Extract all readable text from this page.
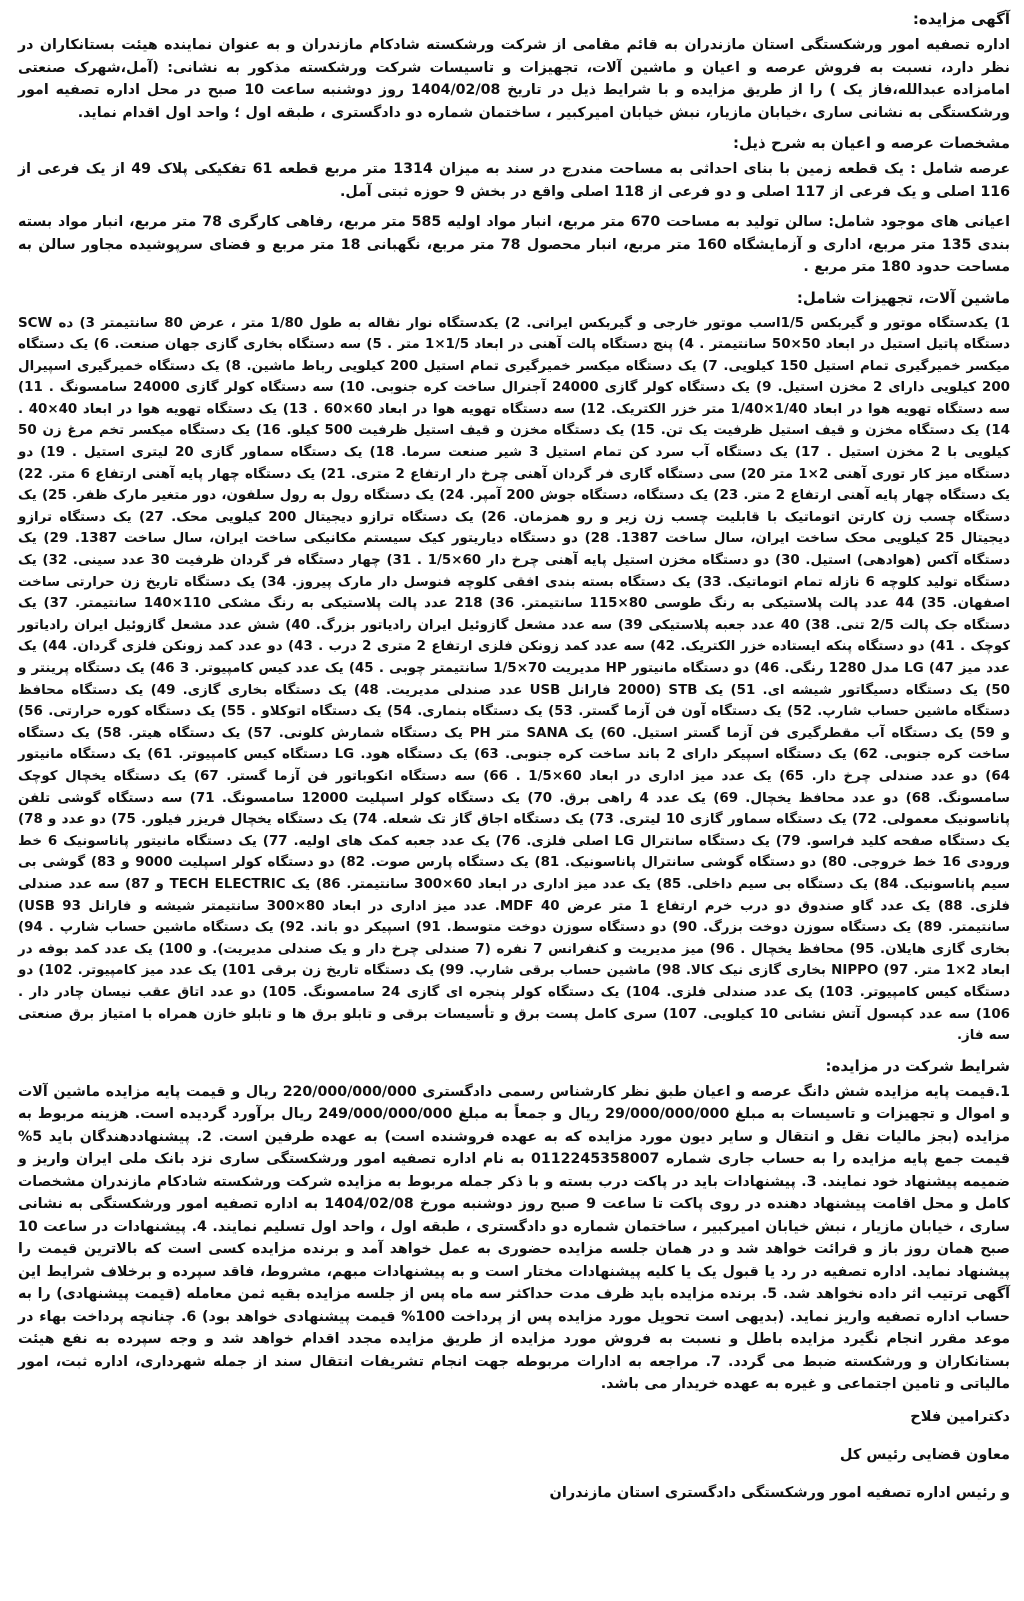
آگهی مزایده:

اداره تصفیه امور ورشکستگی استان مازندران به قائم مقامی از شرکت ورشکسته شادکام مازندران و به عنوان نماینده هیئت بستانکاران در نظر دارد، نسبت به فروش عرصه و اعیان و ماشین آلات، تجهیزات و تاسیسات شرکت ورشکسته مذکور به نشانی: (آمل،شهرک صنعتی امامزاده عبدالله،فاز یک ) را از طریق مزایده و با شرایط ذیل در تاریخ 1404/02/08 روز دوشنبه ساعت 10 صبح در محل اداره تصفیه امور ورشکستگی به نشانی ساری ،خیابان مازیار، نبش خیابان امیرکبیر ، ساختمان شماره دو دادگستری ، طبقه اول ؛ واحد اول اقدام نماید.

مشخصات عرصه و اعیان به شرح ذیل:

عرصه شامل : یک قطعه زمین با بنای احداثی به مساحت مندرج در سند به میزان 1314 متر مربع قطعه 61 تفکیکی پلاک 49 از یک فرعی از 116 اصلی و یک فرعی از 117 اصلی و دو فرعی از 118 اصلی واقع در بخش 9 حوزه ثبتی آمل.

اعیانی های موجود شامل: سالن تولید به مساحت 670 متر مربع، انبار مواد اولیه 585 متر مربع، رفاهی کارگری 78 متر مربع، انبار مواد بسته بندی 135 متر مربع، اداری و آزمایشگاه 160 متر مربع، انبار محصول 78 متر مربع، نگهبانی 18 متر مربع و فضای سرپوشیده مجاور سالن به مساحت حدود 180 متر مربع .

ماشین آلات، تجهیزات شامل:

1) یکدستگاه موتور و گیربکس 1/5اسب موتور خارجی و گیربکس ایرانی. 2) یکدستگاه نوار نقاله به طول 1/80 متر ، عرض 80 سانتیمتر 3) ده SCW دستگاه پاتیل استیل در ابعاد 50×50 سانتیمتر . 4) پنج دستگاه پالت آهنی در ابعاد 1/5×1 متر . 5) سه دستگاه بخاری گازی جهان صنعت. 6) یک دستگاه میکسر خمیرگیری تمام استیل 150 کیلویی. 7) یک دستگاه میکسر خمیرگیری تمام استیل 200 کیلویی رباط ماشین. 8) یک دستگاه خمیرگیری اسپیرال 200 کیلویی دارای 2 مخزن استیل. 9) یک دستگاه کولر گازی 24000 آجنرال ساخت کره جنوبی. 10) سه دستگاه کولر گازی 24000 سامسونگ . 11) سه دستگاه تهویه هوا در ابعاد 1/40×1/40 متر خزر الکتریک. 12) سه دستگاه تهویه هوا در ابعاد 60×60 . 13) یک دستگاه تهویه هوا در ابعاد 40×40 . 14) یک دستگاه مخزن و قیف استیل ظرفیت یک تن. 15) یک دستگاه مخزن و قیف استیل ظرفیت 500 کیلو. 16) یک دستگاه میکسر تخم مرغ زن 50 کیلویی با 2 مخزن استیل . 17) یک دستگاه آب سرد کن تمام استیل 3 شیر صنعت سرما. 18) یک دستگاه سماور گازی 20 لیتری استیل . 19) دو دستگاه میز کار توری آهنی 2×1 متر 20) سی دستگاه گاری فر گردان آهنی چرخ دار ارتفاع 2 متری. 21) یک دستگاه چهار پایه آهنی ارتفاع 6 متر. 22) یک دستگاه چهار پایه آهنی ارتفاع 2 متر. 23) یک دستگاه، دستگاه جوش 200 آمپر. 24) یک دستگاه رول به رول سلفون، دور متغیر مارک ظفر. 25) یک دستگاه چسب زن کارتن اتوماتیک با قابلیت چسب زن زیر و رو همزمان. 26) یک دستگاه ترازو دیجیتال 200 کیلویی محک. 27) یک دستگاه ترازو دیجیتال 25 کیلویی محک ساخت ایران، سال ساخت 1387. 28) دو دستگاه دیاریتور کیک سیستم مکانیکی ساخت ایران، سال ساخت 1387. 29) یک دستگاه آکس (هوادهی) استیل. 30) دو دستگاه مخزن استیل پایه آهنی چرخ دار 60×1/5 . 31) چهار دستگاه فر گردان ظرفیت 30 عدد سینی. 32) یک دستگاه تولید کلوچه 6 نازله تمام اتوماتیک. 33) یک دستگاه بسته بندی افقی کلوچه فنوسل دار مارک پیروز. 34) یک دستگاه تاریخ زن حرارتی ساخت اصفهان. 35) 44 عدد پالت پلاستیکی به رنگ طوسی 80×115 سانتیمتر. 36) 218 عدد پالت پلاستیکی به رنگ مشکی 110×140 سانتیمتر. 37) یک دستگاه جک پالت 2/5 تنی. 38) 40 عدد جعبه پلاستیکی 39) سه عدد مشعل گازوئیل ایران رادیاتور بزرگ. 40) شش عدد مشعل گازوئیل ایران رادیاتور کوچک . 41) دو دستگاه پنکه ایستاده خزر الکتریک. 42) سه عدد کمد زونکن فلزی ارتفاع 2 متری 2 درب . 43) دو عدد کمد زونکن فلزی گردان. 44) یک عدد میز 47) LG مدل 1280 رنگی. 46) دو دستگاه مانیتور HP مدیریت 70×1/5 سانتیمتر چوبی . 45) یک عدد کیس کامپیوتر. 3 46) یک دستگاه پرینتر و 50) یک دستگاه دسیگاتور شیشه ای. 51) یک STB (2000 فارانل USB عدد صندلی مدیریت. 48) یک دستگاه بخاری گازی. 49) یک دستگاه محافظ دستگاه ماشین حساب شارپ. 52) یک دستگاه آون فن آزما گستر. 53) یک دستگاه بنماری. 54) یک دستگاه اتوکلاو . 55) یک دستگاه کوره حرارتی. 56) و 59) یک دستگاه آب مقطرگیری فن آزما گستر استیل. 60) یک SANA متر PH یک دستگاه شمارش کلونی. 57) یک دستگاه هیتر. 58) یک دستگاه ساخت کره جنوبی. 62) یک دستگاه اسپیکر دارای 2 باند ساخت کره جنوبی. 63) یک دستگاه هود. LG دستگاه کیس کامپیوتر. 61) یک دستگاه مانیتور 64) دو عدد صندلی چرخ دار. 65) یک عدد میز اداری در ابعاد 60×1/5 . 66) سه دستگاه انکوباتور فن آزما گستر. 67) یک دستگاه یخچال کوچک سامسونگ. 68) دو عدد محافظ یخچال. 69) یک عدد 4 راهی برق. 70) یک دستگاه کولر اسپلیت 12000 سامسونگ. 71) سه دستگاه گوشی تلفن پاناسونیک معمولی. 72) یک دستگاه سماور گازی 10 لیتری. 73) یک دستگاه اجاق گاز تک شعله. 74) یک دستگاه یخچال فریزر فیلور. 75) دو عدد و 78) یک دستگاه صفحه کلید فراسو. 79) یک دستگاه سانترال LG اصلی فلزی. 76) یک عدد جعبه کمک های اولیه. 77) یک دستگاه مانیتور پاناسونیک 6 خط ورودی 16 خط خروجی. 80) دو دستگاه گوشی سانترال پاناسونیک. 81) یک دستگاه پارس صوت. 82) دو دستگاه کولر اسپلیت 9000 و 83) گوشی بی سیم پاناسونیک. 84) یک دستگاه بی سیم داخلی. 85) یک عدد میز اداری در ابعاد 60×300 سانتیمتر. 86) یک TECH ELECTRIC و 87) سه عدد صندلی فلزی. 88) یک عدد گاو صندوق دو درب خرم ارتفاع 1 متر عرض 40 MDF. عدد میز اداری در ابعاد 80×300 سانتیمتر شیشه و فارانل USB 93) سانتیمتر. 89) یک دستگاه سوزن دوخت بزرگ. 90) دو دستگاه سوزن دوخت متوسط. 91) اسپیکر دو باند. 92) یک دستگاه ماشین حساب شارپ . 94) بخاری گازی هایلان. 95) محافظ یخچال . 96) میز مدیریت و کنفرانس 7 نفره (7 صندلی چرخ دار و یک صندلی مدیریت). و 100) یک عدد کمد بوفه در ابعاد 2×1 متر. 97) NIPPO بخاری گازی نیک کالا. 98) ماشین حساب برقی شارپ. 99) یک دستگاه تاریخ زن برقی 101) یک عدد میز کامپیوتر. 102) دو دستگاه کیس کامپیوتر. 103) یک عدد صندلی فلزی. 104) یک دستگاه کولر پنجره ای گازی 24 سامسونگ. 105) دو عدد اتاق عقب نیسان چادر دار . 106) سه عدد کپسول آتش نشانی 10 کیلویی. 107) سری کامل پست برق و تأسیسات برقی و تابلو برق ها و تابلو خازن همراه با امتیاز برق صنعتی سه فاز.

شرایط شرکت در مزایده:

1.قیمت پایه مزایده شش دانگ عرصه و اعیان طبق نظر کارشناس رسمی دادگستری 220/000/000/000 ریال و قیمت پایه مزایده ماشین آلات و اموال و تجهیزات و تاسیسات به مبلغ 29/000/000/000 ریال و جمعاً به مبلغ 249/000/000/000 ریال برآورد گردیده است. هزینه مربوط به مزایده (بجز مالیات نقل و انتقال و سایر دیون مورد مزایده که به عهده فروشنده است) به عهده طرفین است. 2. پیشنهاددهندگان باید 5% قیمت جمع پایه مزایده را به حساب جاری شماره 0112245358007 به نام اداره تصفیه امور ورشکستگی ساری نزد بانک ملی ایران واریز و ضمیمه پیشنهاد خود نمایند. 3. پیشنهادات باید در پاکت درب بسته و با ذکر جمله مربوط به مزایده شرکت ورشکسته شادکام مازندران مشخصات کامل و محل اقامت پیشنهاد دهنده در روی پاکت تا ساعت 9 صبح روز دوشنبه مورخ 1404/02/08 به اداره تصفیه امور ورشکستگی به نشانی ساری ، خیابان مازیار ، نبش خیابان امیرکبیر ، ساختمان شماره دو دادگستری ، طبقه اول ، واحد اول تسلیم نمایند. 4. پیشنهادات در ساعت 10 صبح همان روز باز و قرائت خواهد شد و در همان جلسه مزایده حضوری به عمل خواهد آمد و برنده مزایده کسی است که بالاترین قیمت را پیشنهاد نماید. اداره تصفیه در رد یا قبول یک یا کلیه پیشنهادات مختار است و به پیشنهادات مبهم، مشروط، فاقد سپرده و برخلاف شرایط این آگهی ترتیب اثر داده نخواهد شد. 5. برنده مزایده باید ظرف مدت حداکثر سه ماه پس از جلسه مزایده بقیه ثمن معامله (قیمت پیشنهادی) را به حساب اداره تصفیه واریز نماید. (بدیهی است تحویل مورد مزایده پس از پرداخت 100% قیمت پیشنهادی خواهد بود) 6. چنانچه پرداخت بهاء در موعد مقرر انجام نگیرد مزایده باطل و نسبت به فروش مورد مزایده از طریق مزایده مجدد اقدام خواهد شد و وجه سپرده به نفع هیئت بستانکاران و ورشکسته ضبط می گردد. 7. مراجعه به ادارات مربوطه جهت انجام تشریفات انتقال سند از جمله شهرداری، اداره ثبت، امور مالیاتی و تامین اجتماعی و غیره به عهده خریدار می باشد.

دکترامین فلاح
معاون قضایی رئیس کل
و رئیس اداره تصفیه امور ورشکستگی دادگستری استان مازندران
